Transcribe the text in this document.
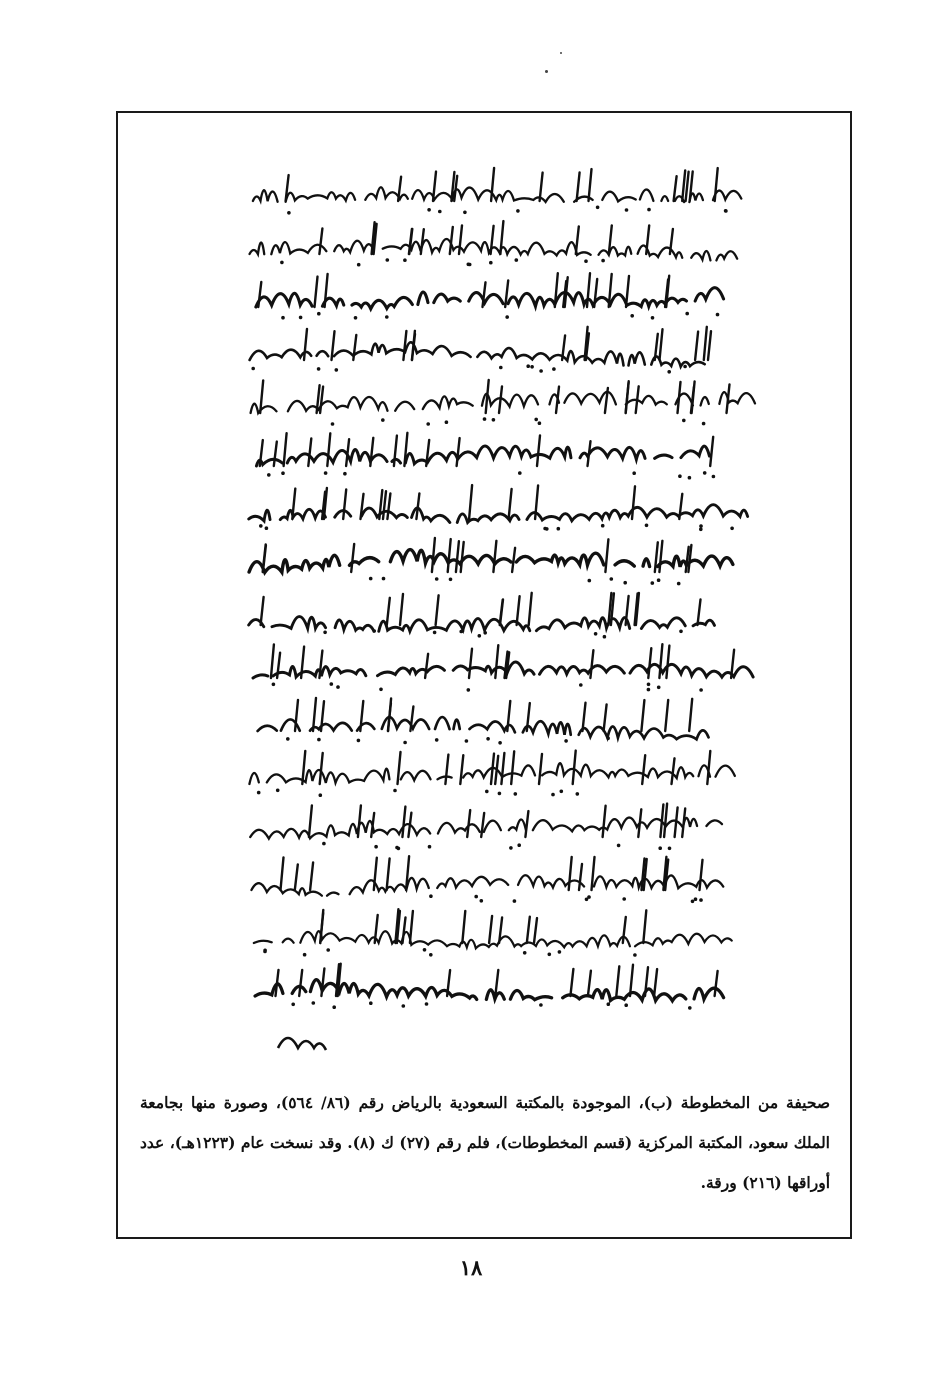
صحيفة من المخطوطة (ب)، الموجودة بالمكتبة السعودية بالرياض رقم (٨٦/ ٥٦٤)، وصورة منها بجامعة الملك سعود، المكتبة المركزية (قسم المخطوطات)، فلم رقم (٢٧) ك (٨). وقد نسخت عام (١٢٢٣هـ)، عدد أوراقها (٢١٦) ورقة.
١٨
